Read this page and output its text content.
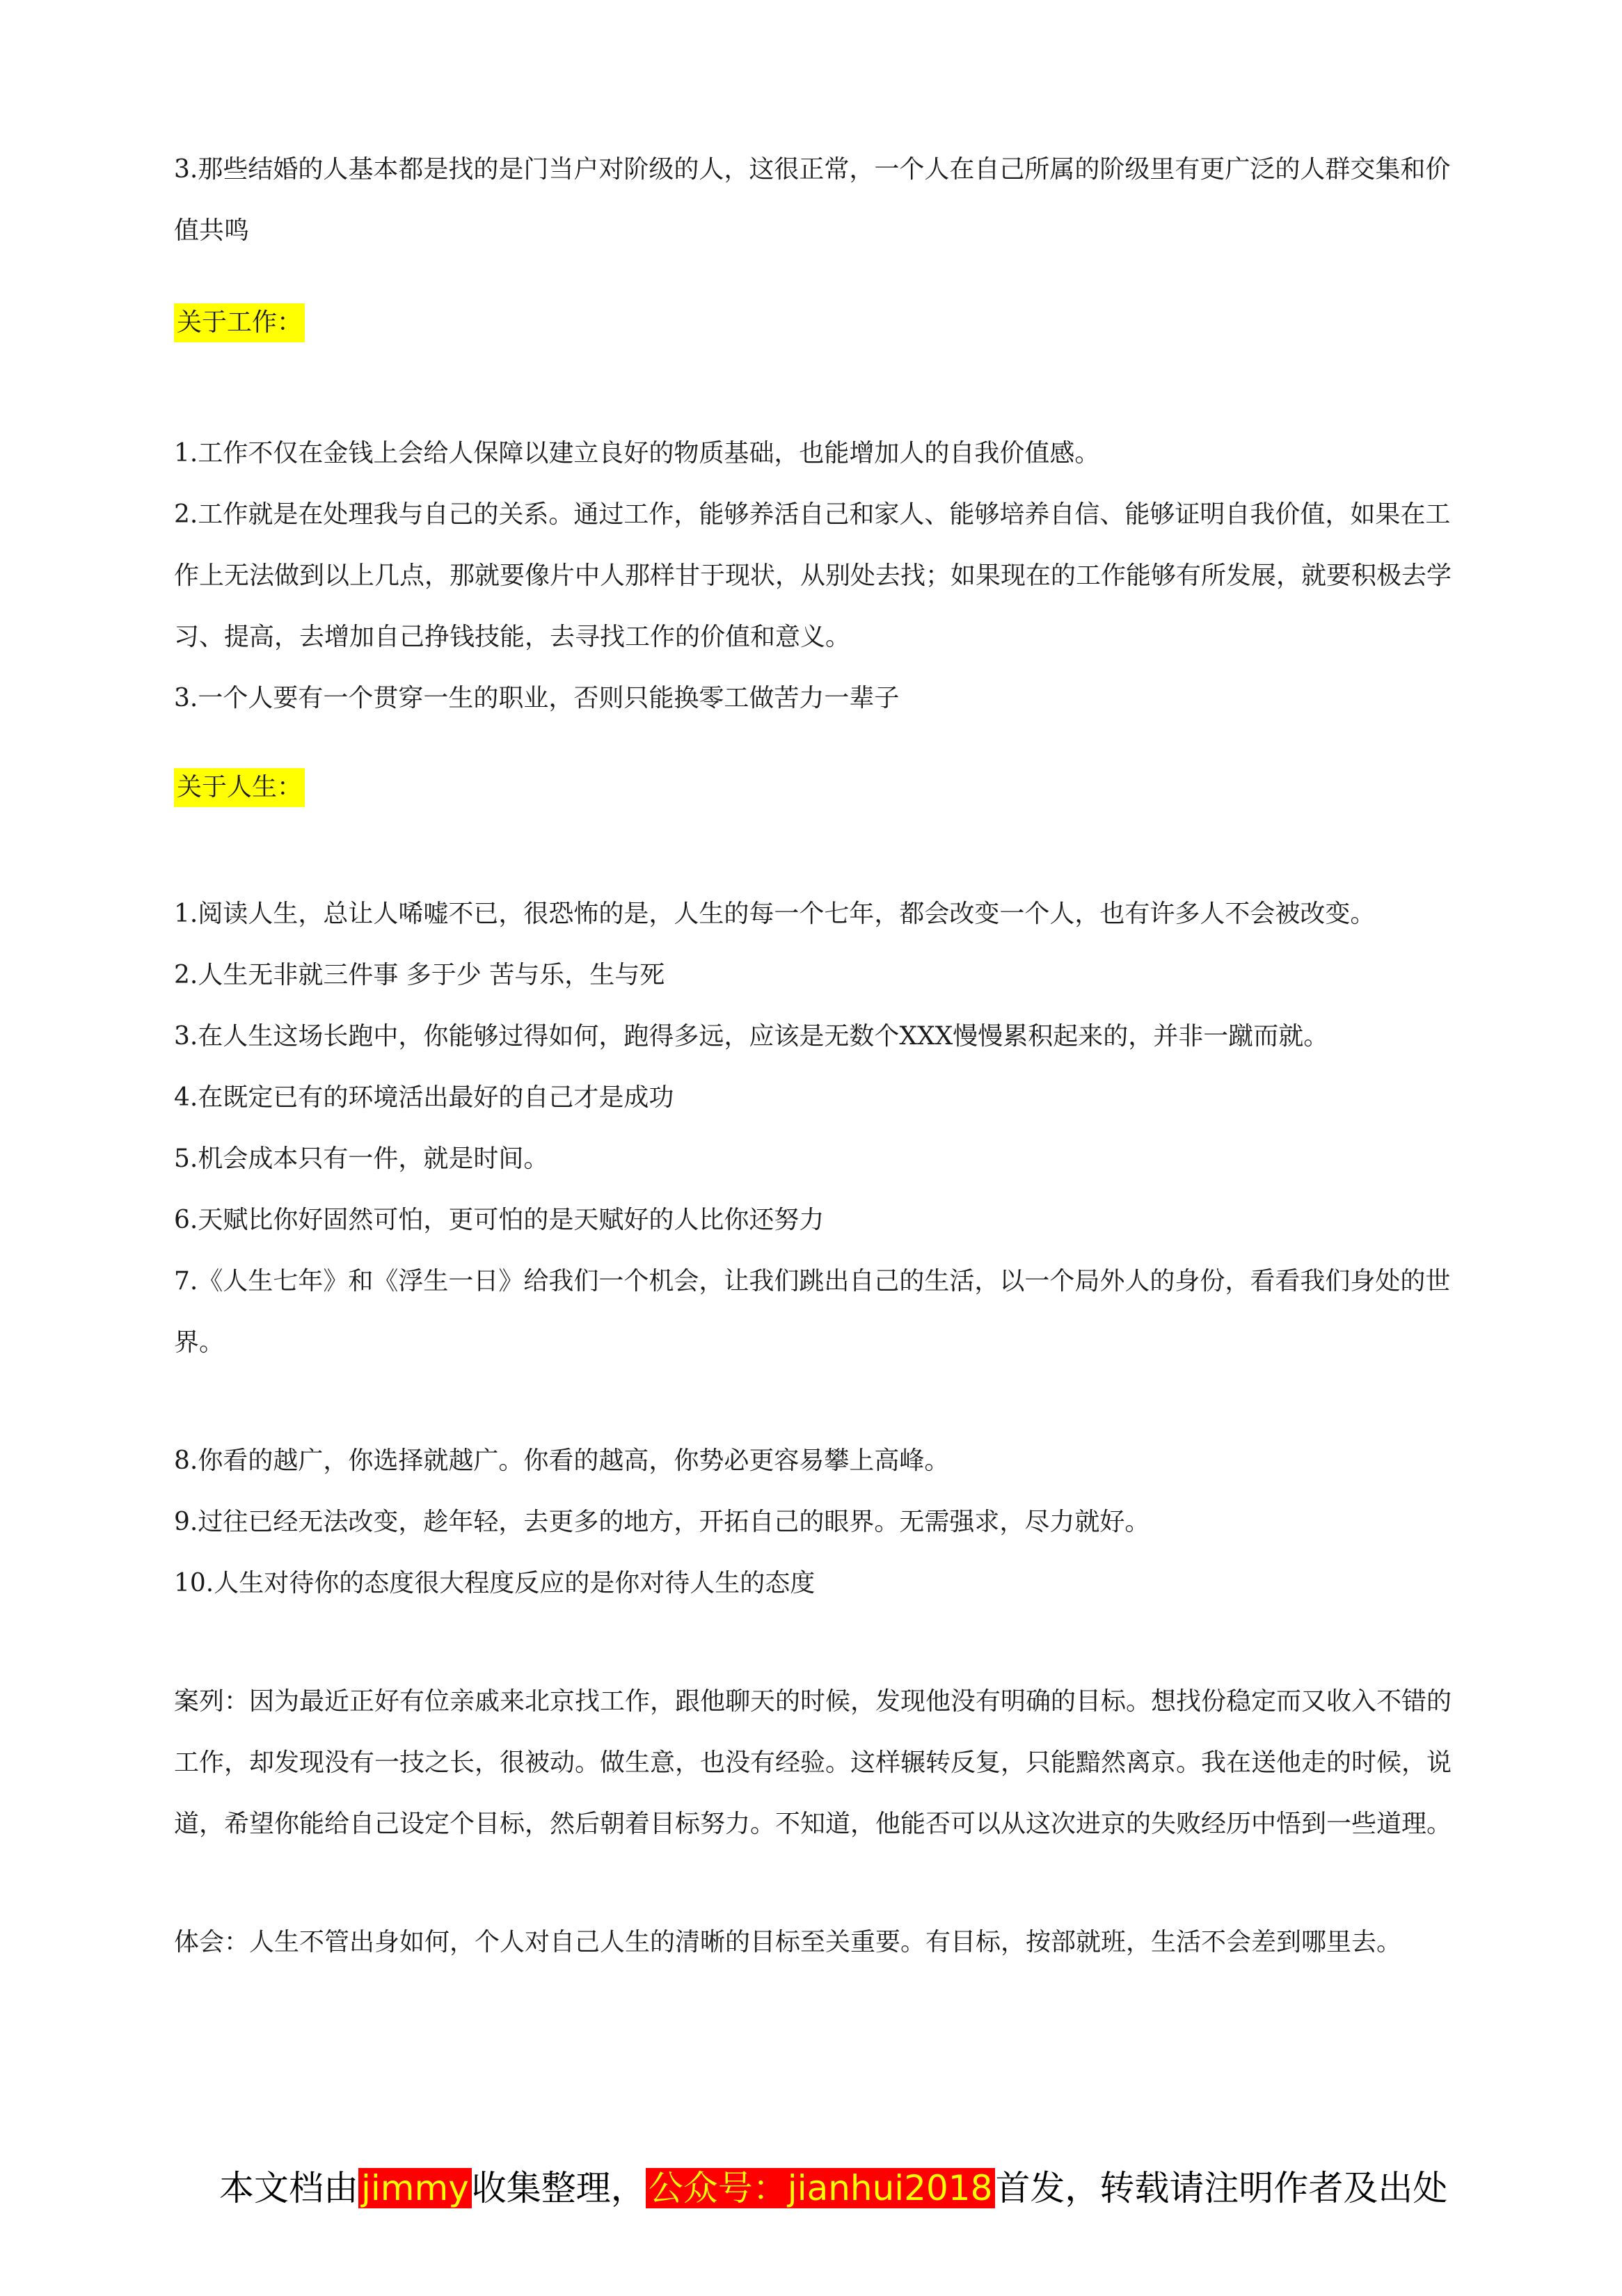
3.那些结婚的人基本都是找的是门当户对阶级的人，这很正常，一个人在自己所属的阶级里有更广泛的人群交集和价值共鸣

关于工作：

1.工作不仅在金钱上会给人保障以建立良好的物质基础，也能增加人的自我价值感。

2.工作就是在处理我与自己的关系。通过工作，能够养活自己和家人、能够培养自信、能够证明自我价值，如果在工作上无法做到以上几点，那就要像片中人那样甘于现状，从别处去找；如果现在的工作能够有所发展，就要积极去学习、提高，去增加自己挣钱技能，去寻找工作的价值和意义。

3.一个人要有一个贯穿一生的职业，否则只能换零工做苦力一辈子

关于人生：

1.阅读人生，总让人唏嘘不已，很恐怖的是，人生的每一个七年，都会改变一个人，也有许多人不会被改变。

2.人生无非就三件事 多于少 苦与乐，生与死

3.在人生这场长跑中，你能够过得如何，跑得多远，应该是无数个XXX慢慢累积起来的，并非一蹴而就。

4.在既定已有的环境活出最好的自己才是成功

5.机会成本只有一件，就是时间。

6.天赋比你好固然可怕，更可怕的是天赋好的人比你还努力

7.《人生七年》和《浮生一日》给我们一个机会，让我们跳出自己的生活，以一个局外人的身份，看看我们身处的世界。

8.你看的越广，你选择就越广。你看的越高，你势必更容易攀上高峰。

9.过往已经无法改变，趁年轻，去更多的地方，开拓自己的眼界。无需强求，尽力就好。

10.人生对待你的态度很大程度反应的是你对待人生的态度

案列：因为最近正好有位亲戚来北京找工作，跟他聊天的时候，发现他没有明确的目标。想找份稳定而又收入不错的工作，却发现没有一技之长，很被动。做生意，也没有经验。这样辗转反复，只能黯然离京。我在送他走的时候，说道，希望你能给自己设定个目标，然后朝着目标努力。不知道，他能否可以从这次进京的失败经历中悟到一些道理。

体会：人生不管出身如何，个人对自己人生的清晰的目标至关重要。有目标，按部就班，生活不会差到哪里去。

本文档由jimmy收集整理，公众号：jianhui2018首发，转载请注明作者及出处
